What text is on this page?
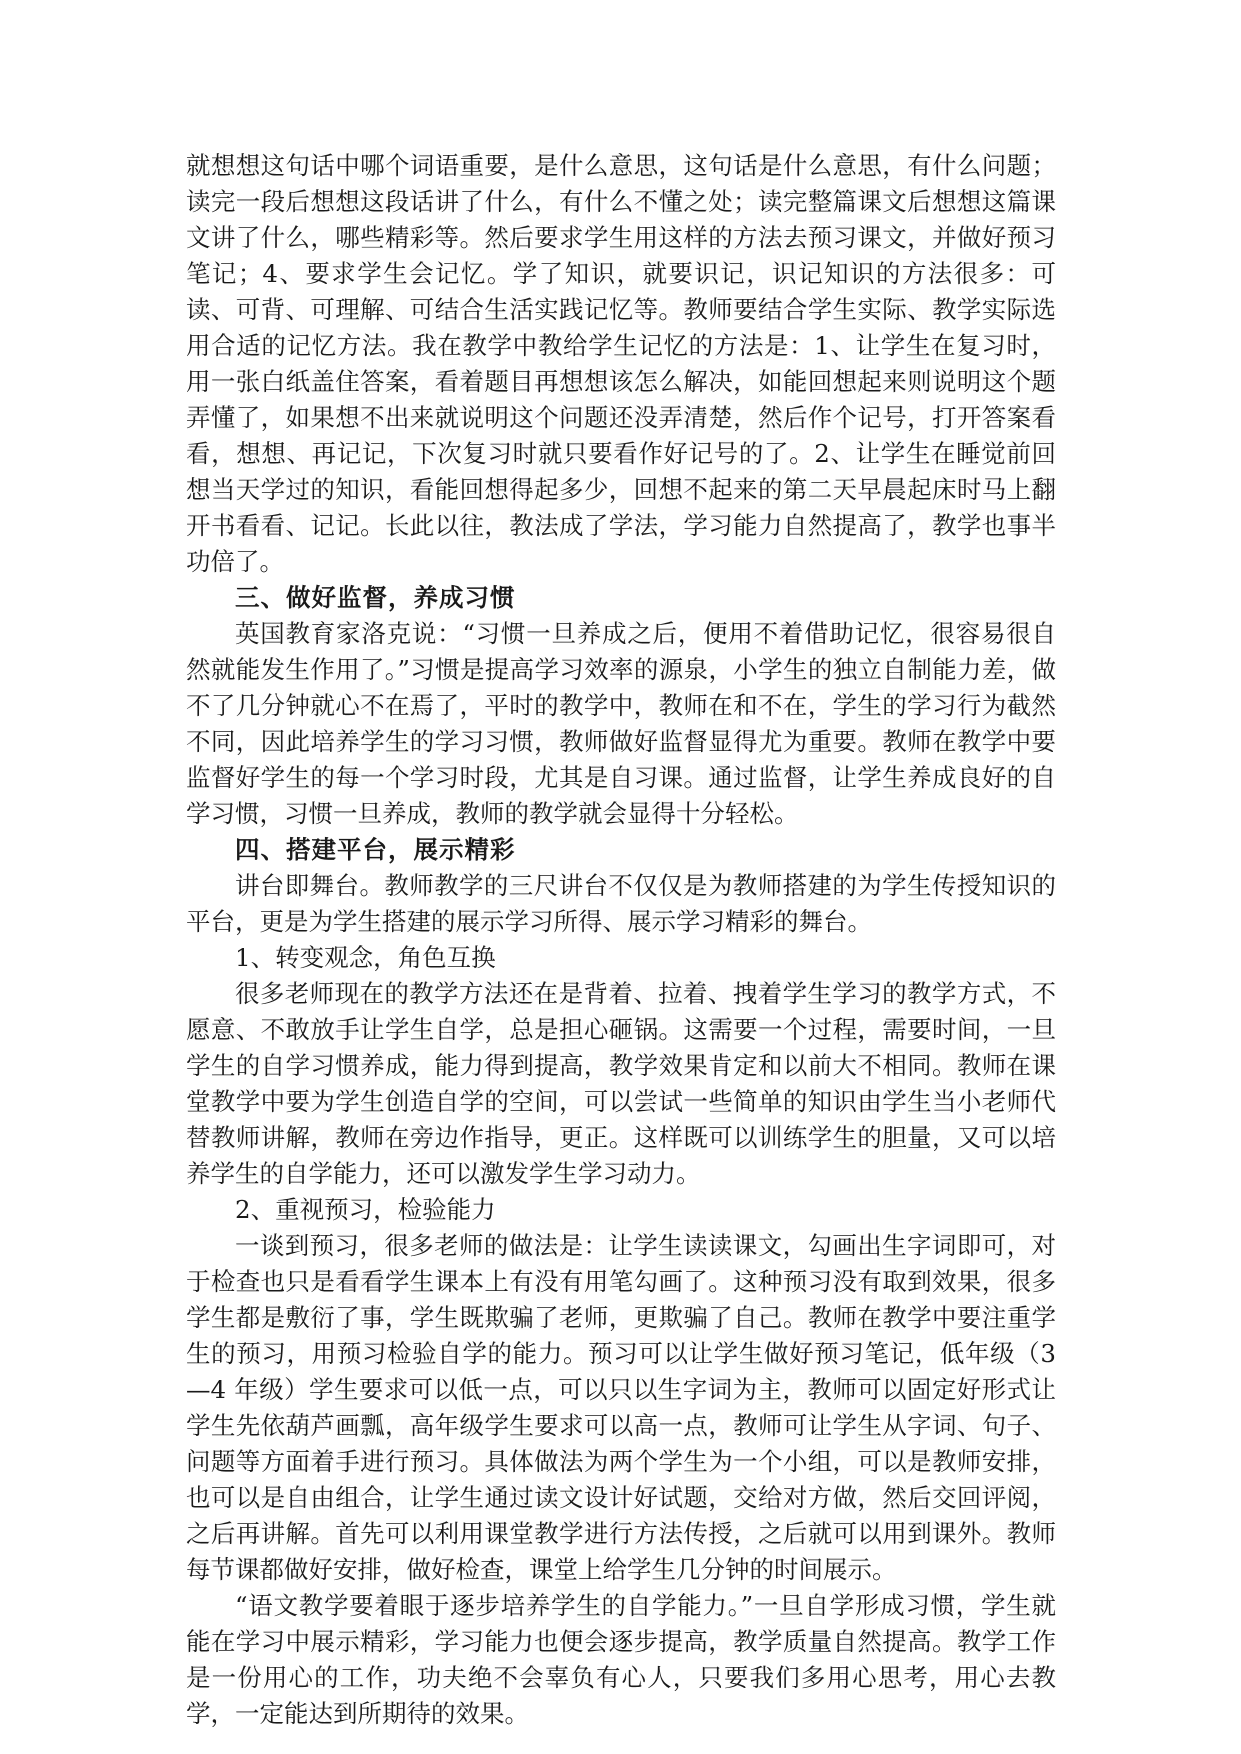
就想想这句话中哪个词语重要，是什么意思，这句话是什么意思，有什么问题；读完一段后想想这段话讲了什么，有什么不懂之处；读完整篇课文后想想这篇课文讲了什么，哪些精彩等。然后要求学生用这样的方法去预习课文，并做好预习笔记；4、要求学生会记忆。学了知识，就要识记，识记知识的方法很多：可读、可背、可理解、可结合生活实践记忆等。教师要结合学生实际、教学实际选用合适的记忆方法。我在教学中教给学生记忆的方法是：1、让学生在复习时，用一张白纸盖住答案，看着题目再想想该怎么解决，如能回想起来则说明这个题弄懂了，如果想不出来就说明这个问题还没弄清楚，然后作个记号，打开答案看看，想想、再记记，下次复习时就只要看作好记号的了。2、让学生在睡觉前回想当天学过的知识，看能回想得起多少，回想不起来的第二天早晨起床时马上翻开书看看、记记。长此以往，教法成了学法，学习能力自然提高了，教学也事半功倍了。

三、做好监督，养成习惯

英国教育家洛克说：“习惯一旦养成之后，便用不着借助记忆，很容易很自然就能发生作用了。”习惯是提高学习效率的源泉，小学生的独立自制能力差，做不了几分钟就心不在焉了，平时的教学中，教师在和不在，学生的学习行为截然不同，因此培养学生的学习习惯，教师做好监督显得尤为重要。教师在教学中要监督好学生的每一个学习时段，尤其是自习课。通过监督，让学生养成良好的自学习惯，习惯一旦养成，教师的教学就会显得十分轻松。

四、搭建平台，展示精彩

讲台即舞台。教师教学的三尺讲台不仅仅是为教师搭建的为学生传授知识的平台，更是为学生搭建的展示学习所得、展示学习精彩的舞台。

1、转变观念，角色互换

很多老师现在的教学方法还在是背着、拉着、拽着学生学习的教学方式，不愿意、不敢放手让学生自学，总是担心砸锅。这需要一个过程，需要时间，一旦学生的自学习惯养成，能力得到提高，教学效果肯定和以前大不相同。教师在课堂教学中要为学生创造自学的空间，可以尝试一些简单的知识由学生当小老师代替教师讲解，教师在旁边作指导，更正。这样既可以训练学生的胆量，又可以培养学生的自学能力，还可以激发学生学习动力。

2、重视预习，检验能力

一谈到预习，很多老师的做法是：让学生读读课文，勾画出生字词即可，对于检查也只是看看学生课本上有没有用笔勾画了。这种预习没有取到效果，很多学生都是敷衍了事，学生既欺骗了老师，更欺骗了自己。教师在教学中要注重学生的预习，用预习检验自学的能力。预习可以让学生做好预习笔记，低年级（3—4 年级）学生要求可以低一点，可以只以生字词为主，教师可以固定好形式让学生先依葫芦画瓢，高年级学生要求可以高一点，教师可让学生从字词、句子、问题等方面着手进行预习。具体做法为两个学生为一个小组，可以是教师安排，也可以是自由组合，让学生通过读文设计好试题，交给对方做，然后交回评阅，之后再讲解。首先可以利用课堂教学进行方法传授，之后就可以用到课外。教师每节课都做好安排，做好检查，课堂上给学生几分钟的时间展示。

“语文教学要着眼于逐步培养学生的自学能力。”一旦自学形成习惯，学生就能在学习中展示精彩，学习能力也便会逐步提高，教学质量自然提高。教学工作是一份用心的工作，功夫绝不会辜负有心人，只要我们多用心思考，用心去教学，一定能达到所期待的效果。
